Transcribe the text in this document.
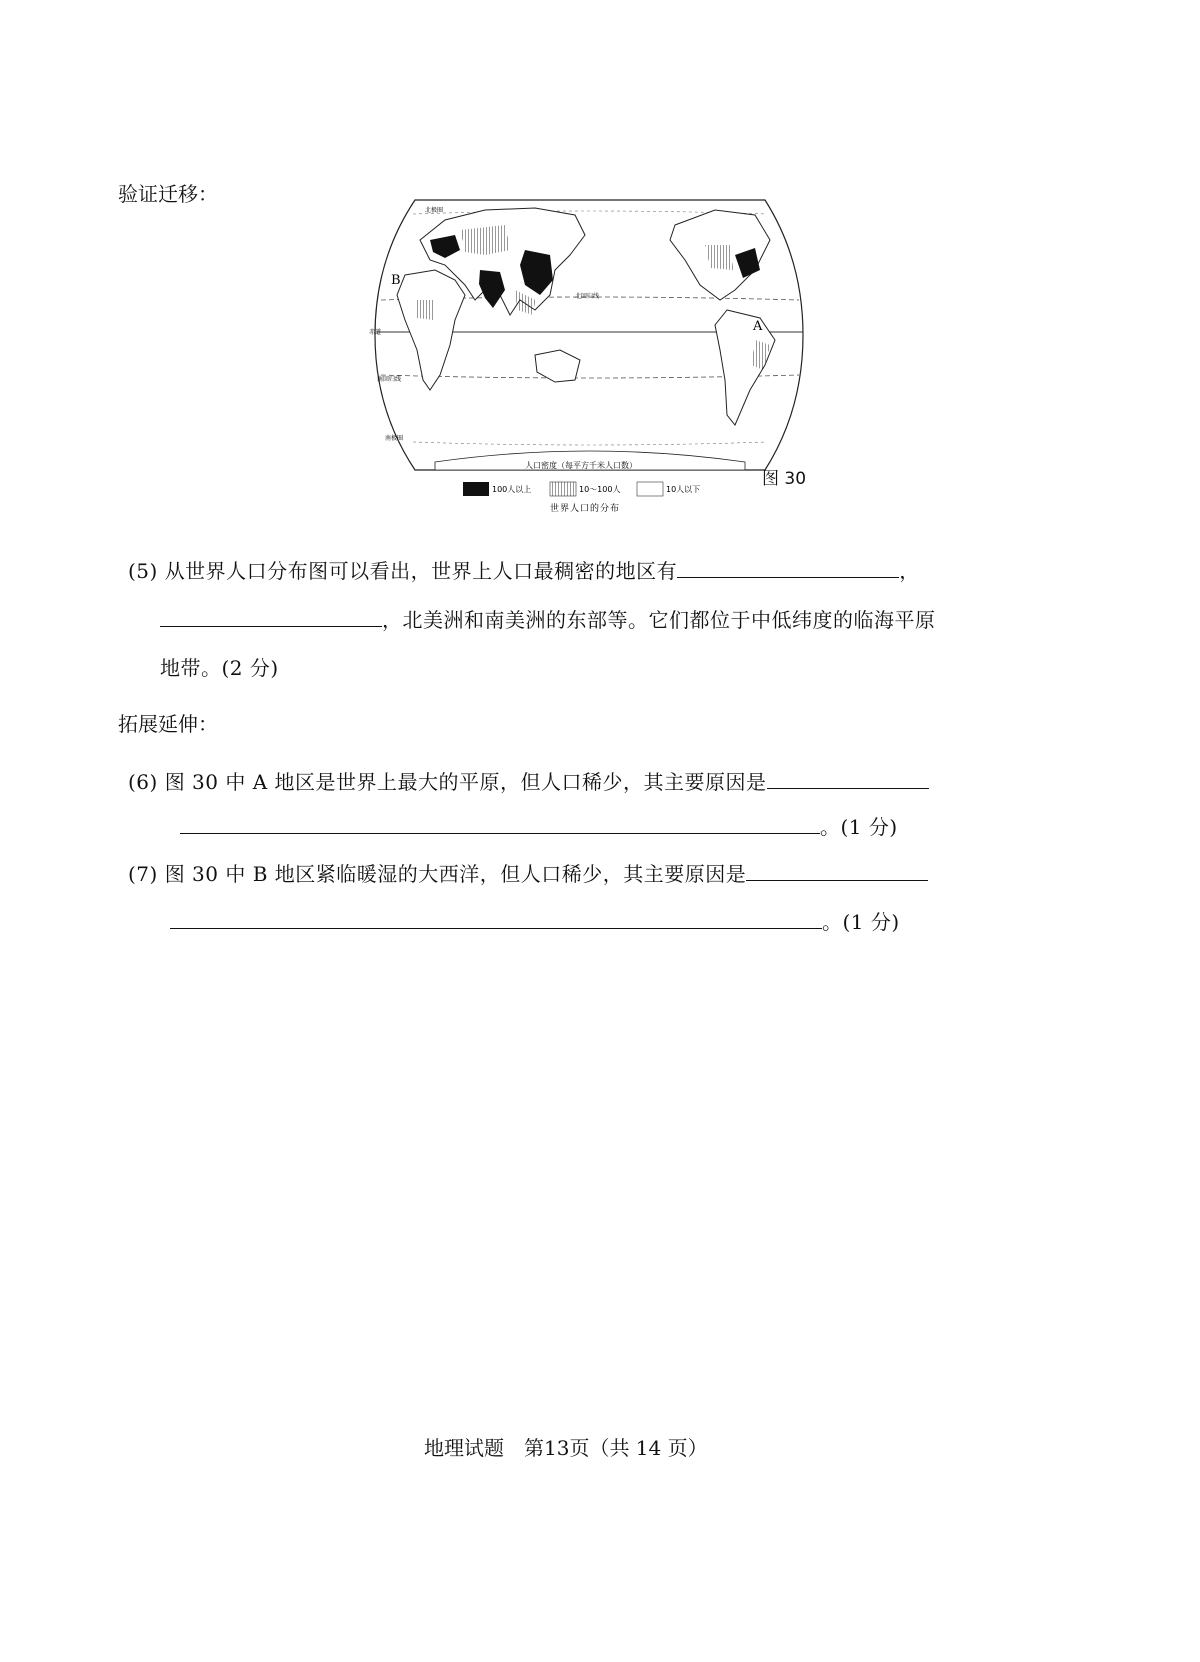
验证迁移：
B
A
北回归线
赤道
南回归线
北极圈
南极圈
人口密度（每平方千米人口数）
100人以上	10～100人	10人以下
世界人口的分布
图 30
(5) 从世界人口分布图可以看出，世界上人口最稠密的地区有	，
，北美洲和南美洲的东部等。它们都位于中低纬度的临海平原
地带。(2 分)
拓展延伸：
(6) 图 30 中 A 地区是世界上最大的平原，但人口稀少，其主要原因是
。(1 分)
(7) 图 30 中 B 地区紧临暖湿的大西洋，但人口稀少，其主要原因是
。(1 分)
地理试题　第13页（共 14 页）
